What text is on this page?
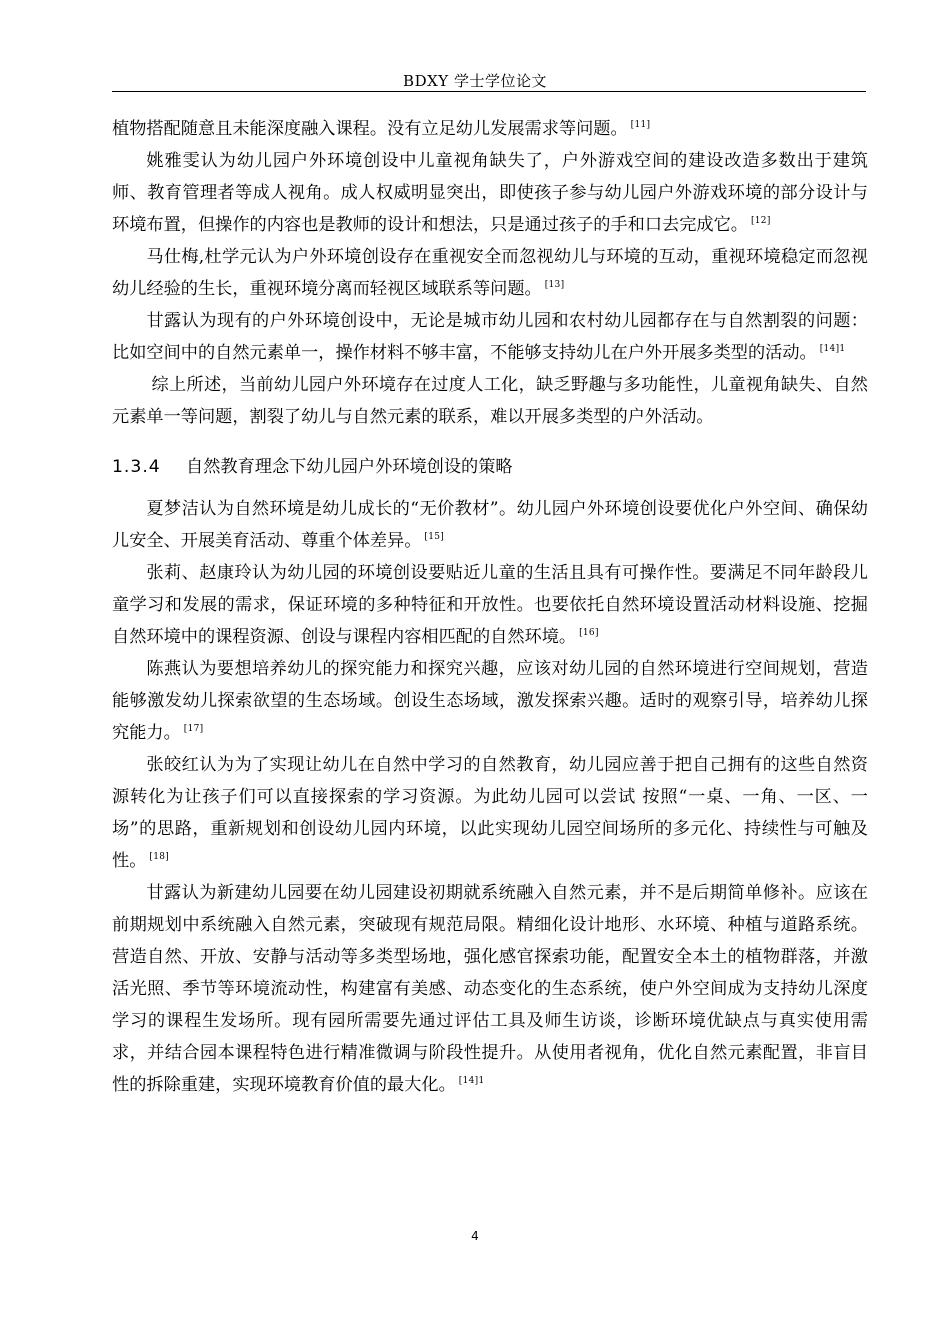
BDXY 学士学位论文

植物搭配随意且未能深度融入课程。没有立足幼儿发展需求等问题。 [11]

姚雅雯认为幼儿园户外环境创设中儿童视角缺失了，户外游戏空间的建设改造多数出于建筑师、教育管理者等成人视角。成人权威明显突出，即使孩子参与幼儿园户外游戏环境的部分设计与环境布置，但操作的内容也是教师的设计和想法，只是通过孩子的手和口去完成它。 [12]

马仕梅,杜学元认为户外环境创设存在重视安全而忽视幼儿与环境的互动，重视环境稳定而忽视幼儿经验的生长，重视环境分离而轻视区域联系等问题。 [13]

甘露认为现有的户外环境创设中，无论是城市幼儿园和农村幼儿园都存在与自然割裂的问题：比如空间中的自然元素单一，操作材料不够丰富，不能够支持幼儿在户外开展多类型的活动。 $^{[14]1}$

综上所述，当前幼儿园户外环境存在过度人工化，缺乏野趣与多功能性，儿童视角缺失、自然元素单一等问题，割裂了幼儿与自然元素的联系，难以开展多类型的户外活动。

1.3.4 自然教育理念下幼儿园户外环境创设的策略

夏梦洁认为自然环境是幼儿成长的“无价教材”。幼儿园户外环境创设要优化户外空间、确保幼儿安全、开展美育活动、尊重个体差异。 [15]

张莉、赵康玲认为幼儿园的环境创设要贴近儿童的生活且具有可操作性。要满足不同年龄段儿童学习和发展的需求，保证环境的多种特征和开放性。也要依托自然环境设置活动材料设施、挖掘自然环境中的课程资源、创设与课程内容相匹配的自然环境。 [16]

陈燕认为要想培养幼儿的探究能力和探究兴趣，应该对幼儿园的自然环境进行空间规划，营造能够激发幼儿探索欲望的生态场域。创设生态场域，激发探索兴趣。适时的观察引导，培养幼儿探究能力。 [17]

张皎红认为为了实现让幼儿在自然中学习的自然教育，幼儿园应善于把自己拥有的这些自然资源转化为让孩子们可以直接探索的学习资源。为此幼儿园可以尝试 按照“一桌、一角、一区、一场”的思路，重新规划和创设幼儿园内环境，以此实现幼儿园空间场所的多元化、持续性与可触及性。 [18]

甘露认为新建幼儿园要在幼儿园建设初期就系统融入自然元素，并不是后期简单修补。应该在前期规划中系统融入自然元素，突破现有规范局限。精细化设计地形、水环境、种植与道路系统。营造自然、开放、安静与活动等多类型场地，强化感官探索功能，配置安全本土的植物群落，并激活光照、季节等环境流动性，构建富有美感、动态变化的生态系统，使户外空间成为支持幼儿深度学习的课程生发场所。现有园所需要先通过评估工具及师生访谈，诊断环境优缺点与真实使用需求，并结合园本课程特色进行精准微调与阶段性提升。从使用者视角，优化自然元素配置，非盲目性的拆除重建，实现环境教育价值的最大化。 $^{[14]1}$

4
